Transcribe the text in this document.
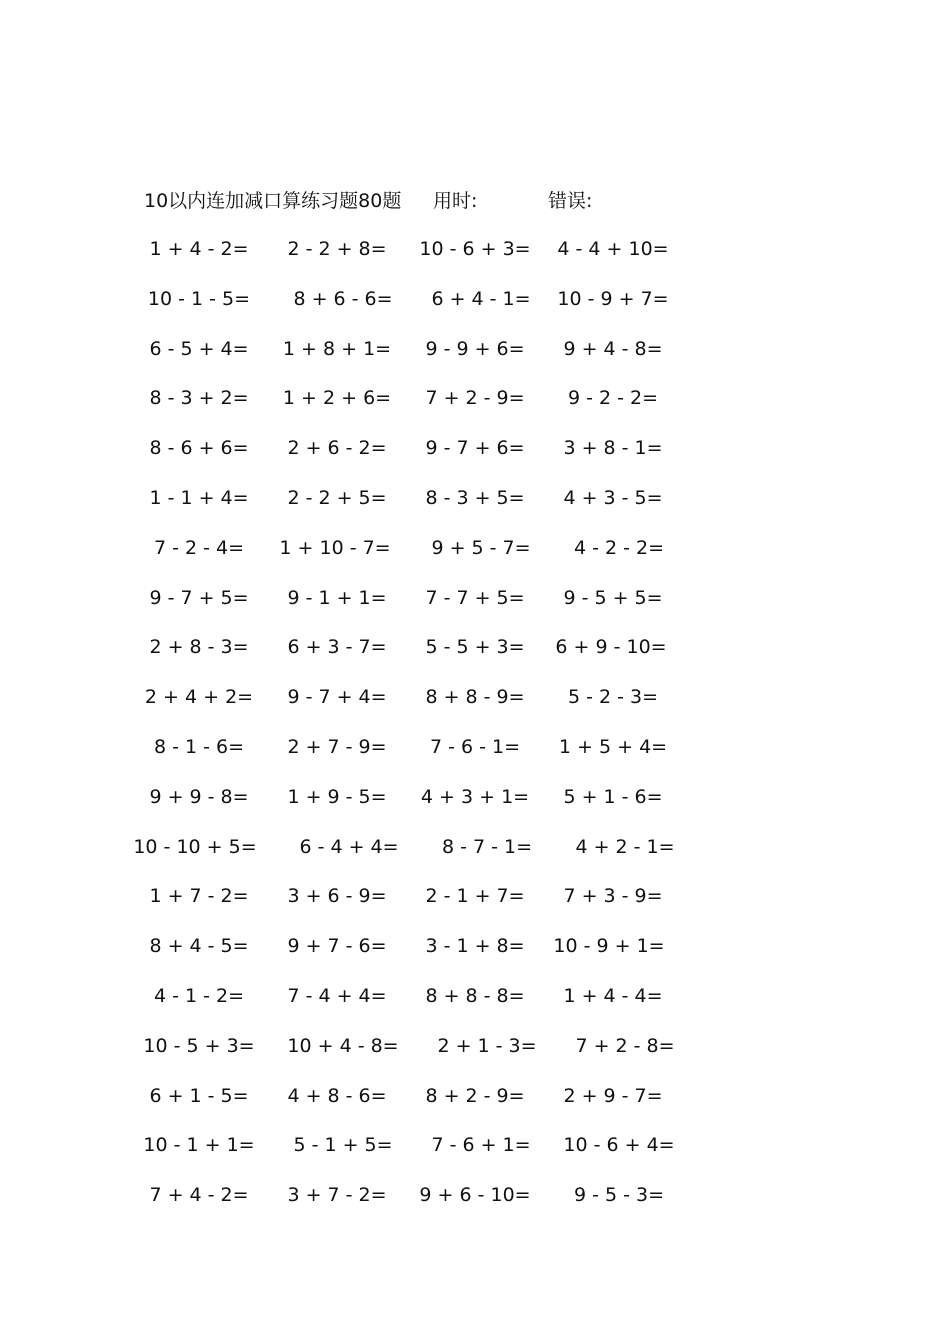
10以内连加减口算练习题80题 用时:	错误:
1 + 4 - 2=	2 - 2 + 8=	10 - 6 + 3=	4 - 4 + 10=
10 - 1 - 5=	8 + 6 - 6=	6 + 4 - 1=	10 - 9 + 7=
6 - 5 + 4=	1 + 8 + 1=	9 - 9 + 6=	9 + 4 - 8=
8 - 3 + 2=	1 + 2 + 6=	7 + 2 - 9=	9 - 2 - 2=
8 - 6 + 6=	2 + 6 - 2=	9 - 7 + 6=	3 + 8 - 1=
1 - 1 + 4=	2 - 2 + 5=	8 - 3 + 5=	4 + 3 - 5=
7 - 2 - 4=	1 + 10 - 7=	9 + 5 - 7=	4 - 2 - 2=
9 - 7 + 5=	9 - 1 + 1=	7 - 7 + 5=	9 - 5 + 5=
2 + 8 - 3=	6 + 3 - 7=	5 - 5 + 3=	6 + 9 - 10=
2 + 4 + 2=	9 - 7 + 4=	8 + 8 - 9=	5 - 2 - 3=
8 - 1 - 6=	2 + 7 - 9=	7 - 6 - 1=	1 + 5 + 4=
9 + 9 - 8=	1 + 9 - 5=	4 + 3 + 1=	5 + 1 - 6=
10 - 10 + 5=	6 - 4 + 4=	8 - 7 - 1=	4 + 2 - 1=
1 + 7 - 2=	3 + 6 - 9=	2 - 1 + 7=	7 + 3 - 9=
8 + 4 - 5=	9 + 7 - 6=	3 - 1 + 8=	10 - 9 + 1=
4 - 1 - 2=	7 - 4 + 4=	8 + 8 - 8=	1 + 4 - 4=
10 - 5 + 3=	10 + 4 - 8=	2 + 1 - 3=	7 + 2 - 8=
6 + 1 - 5=	4 + 8 - 6=	8 + 2 - 9=	2 + 9 - 7=
10 - 1 + 1=	5 - 1 + 5=	7 - 6 + 1=	10 - 6 + 4=
7 + 4 - 2=	3 + 7 - 2=	9 + 6 - 10=	9 - 5 - 3=
